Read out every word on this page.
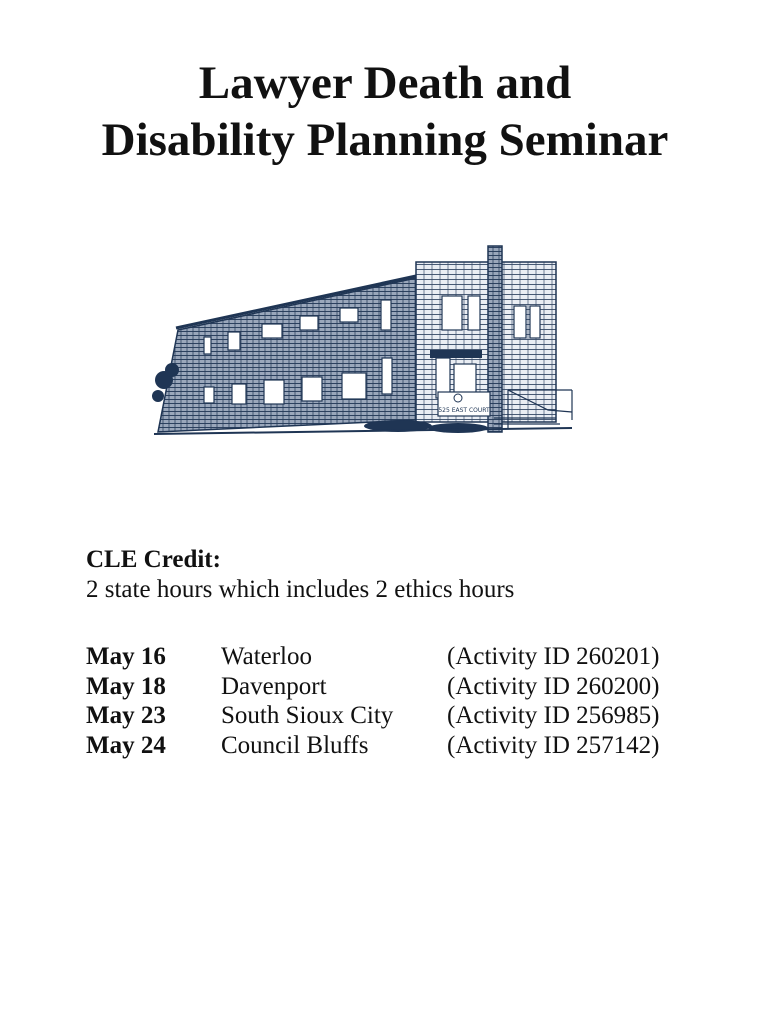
Lawyer Death and
Disability Planning Seminar
525 EAST COURT

CLE Credit:

2 state hours which includes 2 ethics hours

May 16 Waterloo	(Activity ID 260201)
May 18 Davenport	(Activity ID 260200)
May 23 South Sioux City (Activity ID 256985)
May 24 Council Bluffs	(Activity ID 257142)
